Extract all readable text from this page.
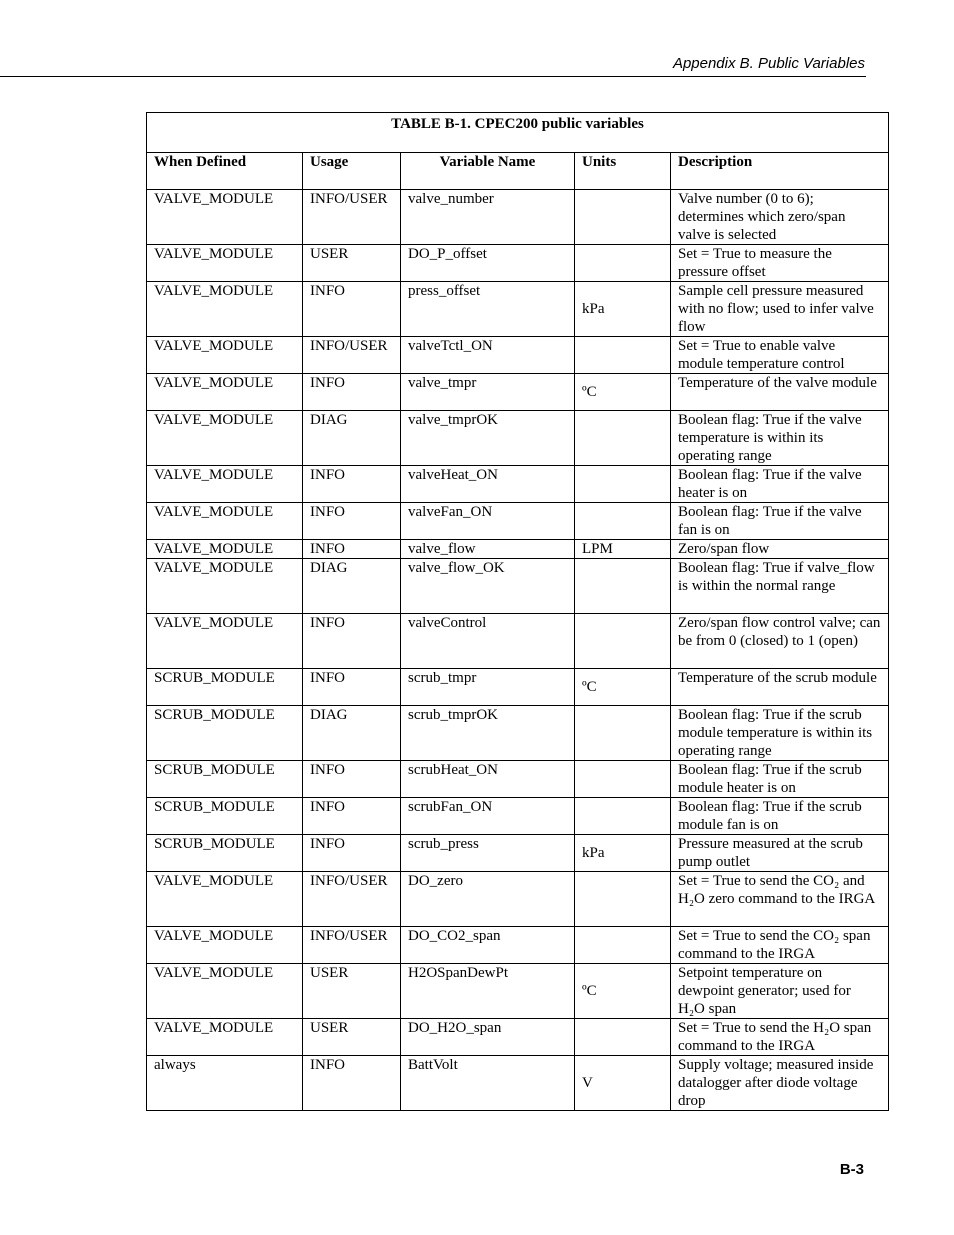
Appendix B. Public Variables
TABLE B-1. CPEC200 public variables				
When Defined	Usage	Variable Name	Units	Description
VALVE_MODULE	INFO/USER	valve_number		Valve number (0 to 6); determines which zero/span valve is selected
VALVE_MODULE	USER	DO_P_offset		Set = True to measure the pressure offset
VALVE_MODULE	INFO	press_offset	kPa	Sample cell pressure measured with no flow; used to infer valve flow
VALVE_MODULE	INFO/USER	valveTctl_ON		Set = True to enable valve module temperature control
VALVE_MODULE	INFO	valve_tmpr	ºC	Temperature of the valve module
VALVE_MODULE	DIAG	valve_tmprOK		Boolean flag: True if the valve temperature is within its operating range
VALVE_MODULE	INFO	valveHeat_ON		Boolean flag: True if the valve heater is on
VALVE_MODULE	INFO	valveFan_ON		Boolean flag: True if the valve fan is on
VALVE_MODULE	INFO	valve_flow	LPM	Zero/span flow
VALVE_MODULE	DIAG	valve_flow_OK		Boolean flag: True if valve_flow is within the normal range
VALVE_MODULE	INFO	valveControl		Zero/span flow control valve; can be from 0 (closed) to 1 (open)
SCRUB_MODULE	INFO	scrub_tmpr	ºC	Temperature of the scrub module
SCRUB_MODULE	DIAG	scrub_tmprOK		Boolean flag: True if the scrub module temperature is within its operating range
SCRUB_MODULE	INFO	scrubHeat_ON		Boolean flag: True if the scrub module heater is on
SCRUB_MODULE	INFO	scrubFan_ON		Boolean flag: True if the scrub module fan is on
SCRUB_MODULE	INFO	scrub_press	kPa	Pressure measured at the scrub pump outlet
VALVE_MODULE	INFO/USER	DO_zero		Set = True to send the CO₂ and H₂O zero command to the IRGA
VALVE_MODULE	INFO/USER	DO_CO2_span		Set = True to send the CO₂ span command to the IRGA
VALVE_MODULE	USER	H2OSpanDewPt	ºC	Setpoint temperature on dewpoint generator; used for H₂O span
VALVE_MODULE	USER	DO_H2O_span		Set = True to send the H₂O span command to the IRGA
always	INFO	BattVolt	V	Supply voltage; measured inside datalogger after diode voltage drop
B-3
